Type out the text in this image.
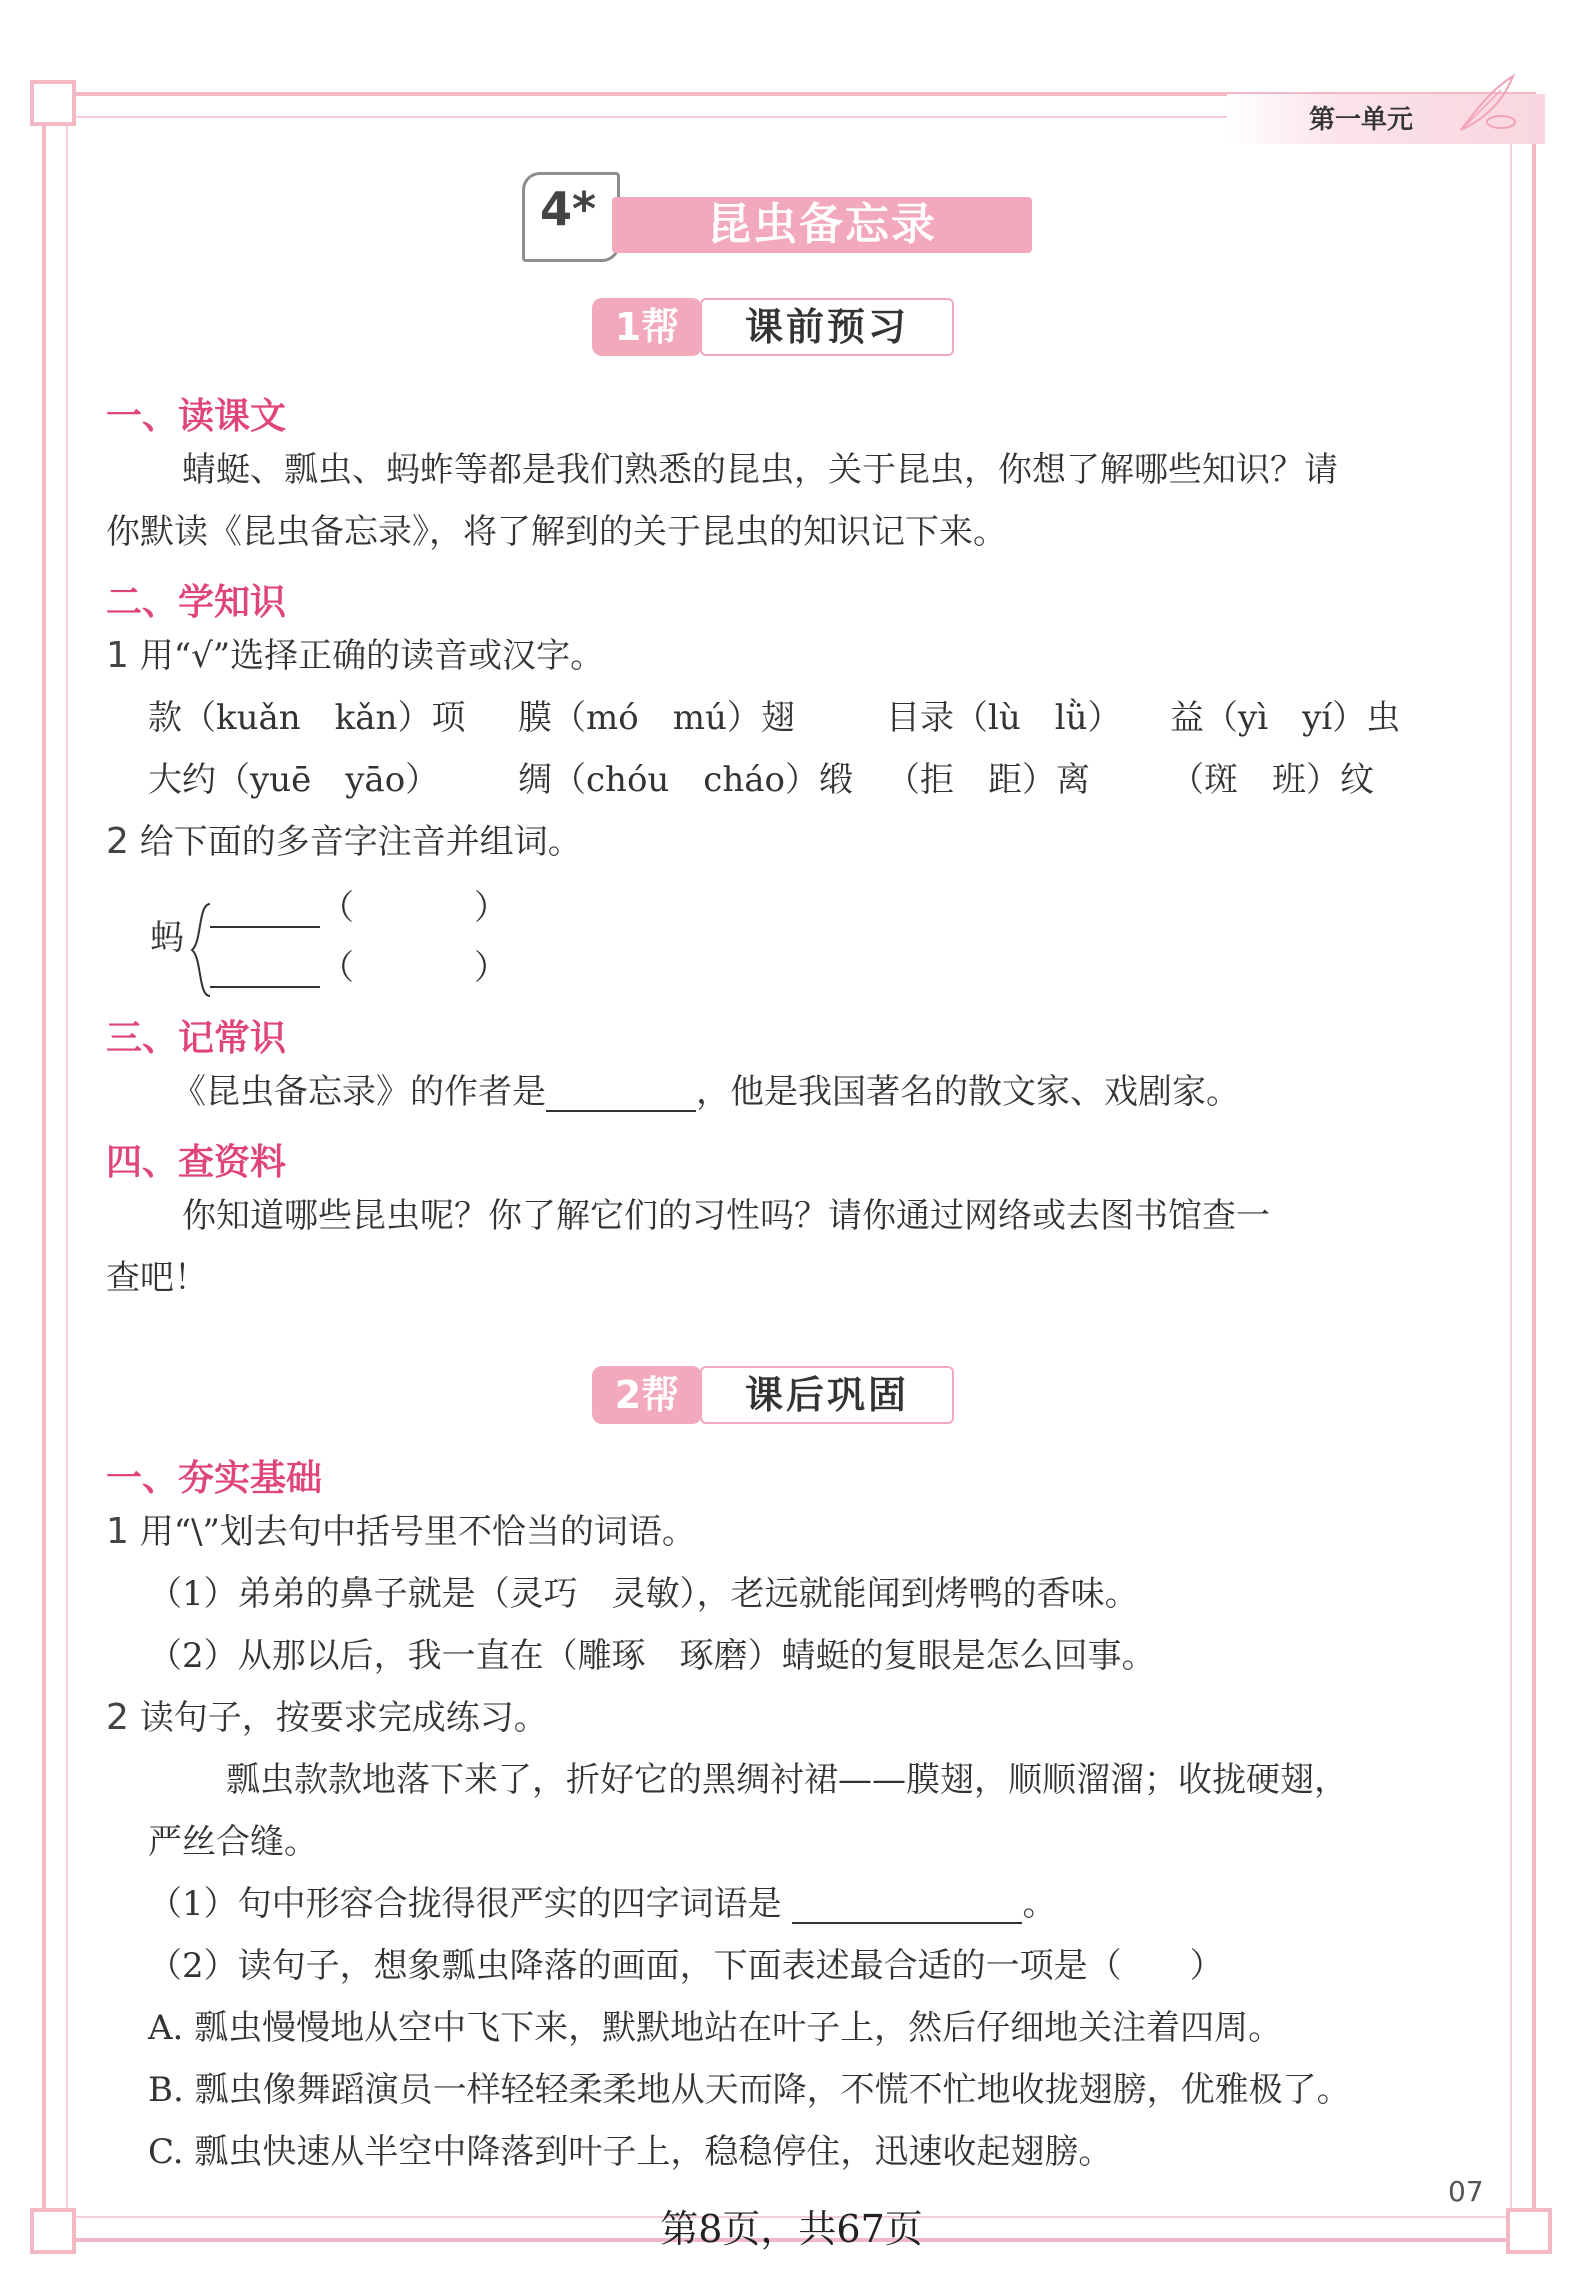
第一单元
4*	昆虫备忘录
1帮	课前预习
一、读课文
蜻蜓、瓢虫、蚂蚱等都是我们熟悉的昆虫，关于昆虫，你想了解哪些知识？请
你默读《昆虫备忘录》，将了解到的关于昆虫的知识记下来。
二、学知识
1 用“√”选择正确的读音或汉字。
款（kuǎn　kǎn）项 膜（mó　mú）翅	目录（lù　lǜ） 益（yì　yí）虫
大约（yuē　yāo） 绸（chóu　cháo）缎 （拒　距）离 （斑　班）纹
2 给下面的多音字注音并组词。
蚂
（	）
（	）
三、记常识
《昆虫备忘录》的作者是	，他是我国著名的散文家、戏剧家。
四、查资料
你知道哪些昆虫呢？你了解它们的习性吗？请你通过网络或去图书馆查一
查吧！
2帮	课后巩固
一、夯实基础
1 用“\”划去句中括号里不恰当的词语。
（1）弟弟的鼻子就是（灵巧　灵敏），老远就能闻到烤鸭的香味。
（2）从那以后，我一直在（雕琢　琢磨）蜻蜓的复眼是怎么回事。
2 读句子，按要求完成练习。
瓢虫款款地落下来了，折好它的黑绸衬裙——膜翅，顺顺溜溜；收拢硬翅，
严丝合缝。
（1）句中形容合拢得很严实的四字词语是	。
（2）读句子，想象瓢虫降落的画面，下面表述最合适的一项是（　　）
A. 瓢虫慢慢地从空中飞下来，默默地站在叶子上，然后仔细地关注着四周。
B. 瓢虫像舞蹈演员一样轻轻柔柔地从天而降，不慌不忙地收拢翅膀，优雅极了。
C. 瓢虫快速从半空中降落到叶子上，稳稳停住，迅速收起翅膀。
07
第8页，共67页
